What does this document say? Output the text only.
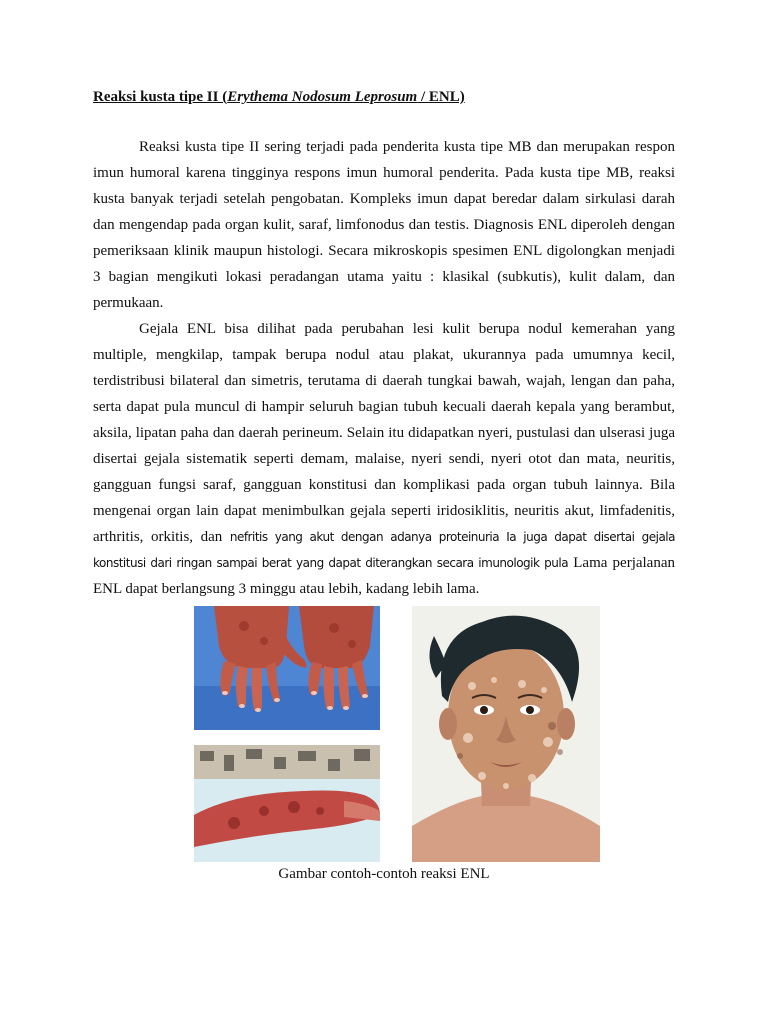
Reaksi kusta tipe II (Erythema Nodosum Leprosum / ENL)

Reaksi kusta tipe II sering terjadi pada penderita kusta tipe MB dan merupakan respon imun humoral karena tingginya respons imun humoral penderita. Pada kusta tipe MB, reaksi kusta banyak terjadi setelah pengobatan. Kompleks imun dapat beredar dalam sirkulasi darah dan mengendap pada organ kulit, saraf, limfonodus dan testis. Diagnosis ENL diperoleh dengan pemeriksaan klinik maupun histologi. Secara mikroskopis spesimen ENL digolongkan menjadi 3 bagian mengikuti lokasi peradangan utama yaitu : klasikal (subkutis), kulit dalam, dan permukaan.

Gejala ENL bisa dilihat pada perubahan lesi kulit berupa nodul kemerahan yang multiple, mengkilap, tampak berupa nodul atau plakat, ukurannya pada umumnya kecil, terdistribusi bilateral dan simetris, terutama di daerah tungkai bawah, wajah, lengan dan paha, serta dapat pula muncul di hampir seluruh bagian tubuh kecuali daerah kepala yang berambut, aksila, lipatan paha dan daerah perineum. Selain itu didapatkan nyeri, pustulasi dan ulserasi juga disertai gejala sistematik seperti demam, malaise, nyeri sendi, nyeri otot dan mata, neuritis, gangguan fungsi saraf, gangguan konstitusi dan komplikasi pada organ tubuh lainnya. Bila mengenai organ lain dapat menimbulkan gejala seperti iridosiklitis, neuritis akut, limfadenitis, arthritis, orkitis, dan nefritis yang akut dengan adanya proteinuria Ia juga dapat disertai gejala konstitusi dari ringan sampai berat yang dapat diterangkan secara imunologik pula Lama perjalanan ENL dapat berlangsung 3 minggu atau lebih, kadang lebih lama.

Gambar contoh-contoh reaksi ENL
